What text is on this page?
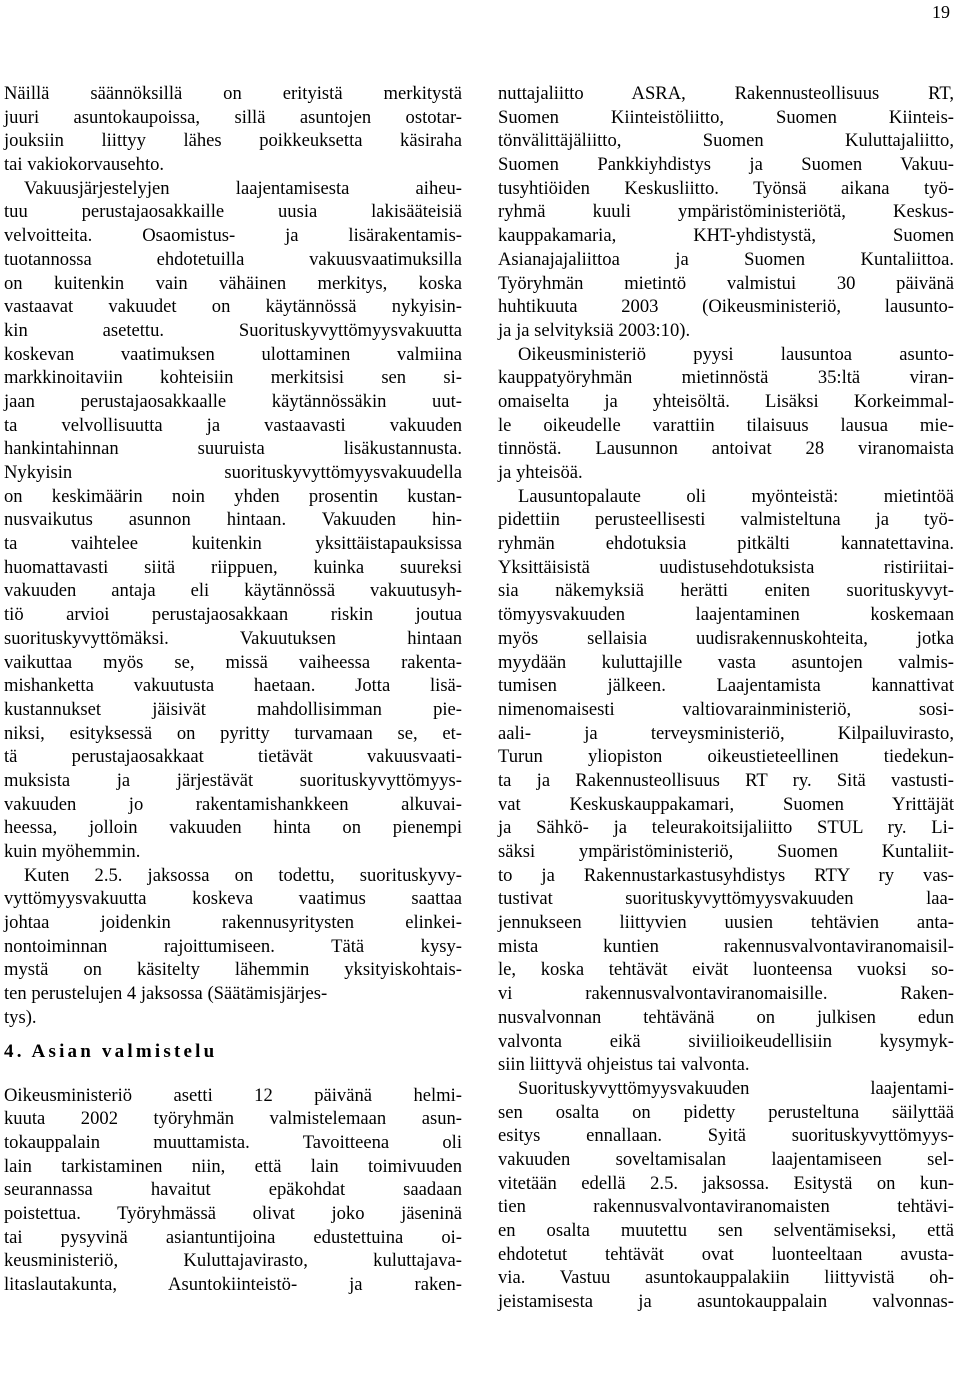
19
Näillä säännöksillä on erityistä merkitystä
juuri asuntokaupoissa, sillä asuntojen ostotar-
jouksiin liittyy lähes poikkeuksetta käsiraha
tai vakiokorvausehto.
Vakuusjärjestelyjen laajentamisesta aiheu-
tuu perustajaosakkaille uusia lakisääteisiä
velvoitteita. Osaomistus- ja lisärakentamis-
tuotannossa ehdotetuilla vakuusvaatimuksilla
on kuitenkin vain vähäinen merkitys, koska
vastaavat vakuudet on käytännössä nykyisin-
kin asetettu. Suorituskyvyttömyysvakuutta
koskevan vaatimuksen ulottaminen valmiina
markkinoitaviin kohteisiin merkitsisi sen si-
jaan perustajaosakkaalle käytännössäkin uut-
ta velvollisuutta ja vastaavasti vakuuden
hankintahinnan suuruista lisäkustannusta.
Nykyisin suorituskyvyttömyysvakuudella
on keskimäärin noin yhden prosentin kustan-
nusvaikutus asunnon hintaan. Vakuuden hin-
ta vaihtelee kuitenkin yksittäistapauksissa
huomattavasti siitä riippuen, kuinka suureksi
vakuuden antaja eli käytännössä vakuutusyh-
tiö arvioi perustajaosakkaan riskin joutua
suorituskyvyttömäksi. Vakuutuksen hintaan
vaikuttaa myös se, missä vaiheessa rakenta-
mishanketta vakuutusta haetaan. Jotta lisä-
kustannukset jäisivät mahdollisimman pie-
niksi, esityksessä on pyritty turvamaan se, et-
tä perustajaosakkaat tietävät vakuusvaati-
muksista ja järjestävät suorituskyvyttömyys-
vakuuden jo rakentamishankkeen alkuvai-
heessa, jolloin vakuuden hinta on pienempi
kuin myöhemmin.
Kuten 2.5. jaksossa on todettu, suorituskyvy-
vyttömyysvakuutta koskeva vaatimus saattaa
johtaa joidenkin rakennusyritysten elinkei-
nontoiminnan rajoittumiseen. Tätä kysy-
mystä on käsitelty lähemmin yksityiskohtais-
ten perustelujen 4 jaksossa (Säätämisjärjes-
tys).
4. Asian valmistelu
Oikeusministeriö asetti 12 päivänä helmi-
kuuta 2002 työryhmän valmistelemaan asun-
tokauppalain muuttamista. Tavoitteena oli
lain tarkistaminen niin, että lain toimivuuden
seurannassa havaitut epäkohdat saadaan
poistettua. Työryhmässä olivat joko jäseninä
tai pysyvinä asiantuntijoina edustettuina oi-
keusministeriö, Kuluttajavirasto, kuluttajava-
litaslautakunta, Asuntokiinteistö- ja raken-
nuttajaliitto ASRA, Rakennusteollisuus RT,
Suomen Kiinteistöliitto, Suomen Kiinteis-
tönvälittäjäliitto, Suomen Kuluttajaliitto,
Suomen Pankkiyhdistys ja Suomen Vakuu-
tusyhtiöiden Keskusliitto. Työnsä aikana työ-
ryhmä kuuli ympäristöministeriötä, Keskus-
kauppakamaria, KHT-yhdistystä, Suomen
Asianajajaliittoa ja Suomen Kuntaliittoa.
Työryhmän mietintö valmistui 30 päivänä
huhtikuuta 2003 (Oikeusministeriö, lausunto-
ja ja selvityksiä 2003:10).
Oikeusministeriö pyysi lausuntoa asunto-
kauppatyöryhmän mietinnöstä 35:ltä viran-
omaiselta ja yhteisöltä. Lisäksi Korkeimmal-
le oikeudelle varattiin tilaisuus lausua mie-
tinnöstä. Lausunnon antoivat 28 viranomaista
ja yhteisöä.
Lausuntopalaute oli myönteistä: mietintöä
pidettiin perusteellisesti valmisteltuna ja työ-
ryhmän ehdotuksia pitkälti kannatettavina.
Yksittäisistä uudistusehdotuksista ristiriitai-
sia näkemyksiä herätti eniten suorituskyvyt-
tömyysvakuuden laajentaminen koskemaan
myös sellaisia uudisrakennuskohteita, jotka
myydään kuluttajille vasta asuntojen valmis-
tumisen jälkeen. Laajentamista kannattivat
nimenomaisesti valtiovarainministeriö, sosi-
aali- ja terveysministeriö, Kilpailuvirasto,
Turun yliopiston oikeustieteellinen tiedekun-
ta ja Rakennusteollisuus RT ry. Sitä vastusti-
vat Keskuskauppakamari, Suomen Yrittäjät
ja Sähkö- ja teleurakoitsijaliitto STUL ry. Li-
säksi ympäristöministeriö, Suomen Kuntaliit-
to ja Rakennustarkastusyhdistys RTY ry vas-
tustivat suorituskyvyttömyysvakuuden laa-
jennukseen liittyvien uusien tehtävien anta-
mista kuntien rakennusvalvontaviranomaisil-
le, koska tehtävät eivät luonteensa vuoksi so-
vi rakennusvalvontaviranomaisille. Raken-
nusvalvonnan tehtävänä on julkisen edun
valvonta eikä siviilioikeudellisiin kysymyk-
siin liittyvä ohjeistus tai valvonta.
Suorituskyvyttömyysvakuuden laajentami-
sen osalta on pidetty perusteltuna säilyttää
esitys ennallaan. Syitä suorituskyvyttömyys-
vakuuden soveltamisalan laajentamiseen sel-
vitetään edellä 2.5. jaksossa. Esitystä on kun-
tien rakennusvalvontaviranomaisten tehtävi-
en osalta muutettu sen selventämiseksi, että
ehdotetut tehtävät ovat luonteeltaan avusta-
via. Vastuu asuntokauppalakiin liittyvistä oh-
jeistamisesta ja asuntokauppalain valvonnas-
